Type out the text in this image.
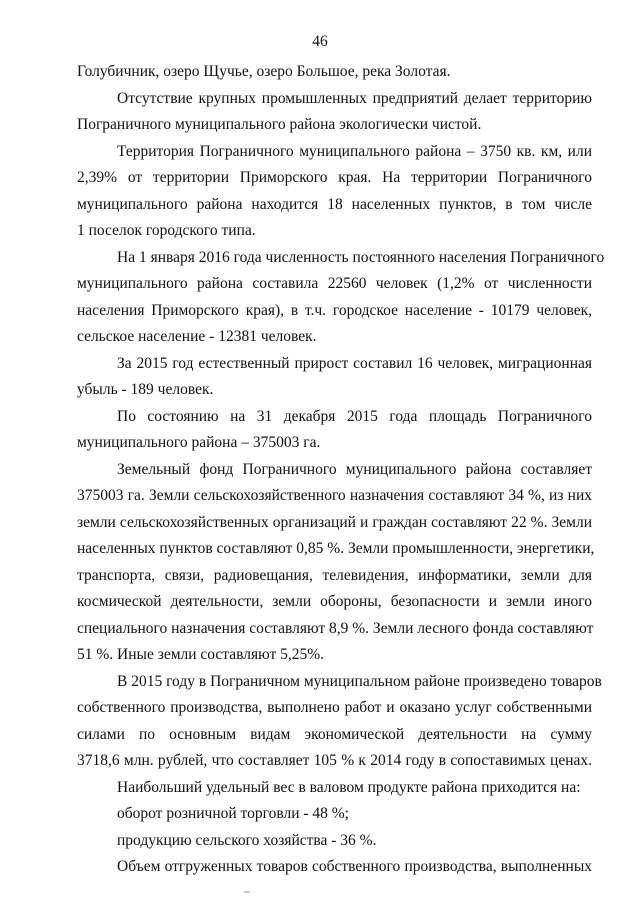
46
Голубичник, озеро Щучье, озеро Большое, река Золотая.
Отсутствие крупных промышленных предприятий делает территорию
Пограничного муниципального района экологически чистой.
Территория Пограничного муниципального района – 3750 кв. км, или
2,39% от территории Приморского края. На территории Пограничного
муниципального района находится 18 населенных пунктов, в том числе
1 поселок городского типа.
На 1 января 2016 года численность постоянного населения Пограничного
муниципального района составила 22560 человек (1,2% от численности
населения Приморского края), в т.ч. городское население - 10179 человек,
сельское население - 12381 человек.
За 2015 год естественный прирост составил 16 человек, миграционная
убыль - 189 человек.
По состоянию на 31 декабря 2015 года площадь Пограничного
муниципального района – 375003 га.
Земельный фонд Пограничного муниципального района составляет
375003 га. Земли сельскохозяйственного назначения составляют 34 %, из них
земли сельскохозяйственных организаций и граждан составляют 22 %. Земли
населенных пунктов составляют 0,85 %. Земли промышленности, энергетики,
транспорта, связи, радиовещания, телевидения, информатики, земли для
космической деятельности, земли обороны, безопасности и земли иного
специального назначения составляют 8,9 %. Земли лесного фонда составляют
51 %. Иные земли составляют 5,25%.
В 2015 году в Пограничном муниципальном районе произведено товаров
собственного производства, выполнено работ и оказано услуг собственными
силами по основным видам экономической деятельности на сумму
3718,6 млн. рублей, что составляет 105 % к 2014 году в сопоставимых ценах.
Наибольший удельный вес в валовом продукте района приходится на:
оборот розничной торговли - 48 %;
продукцию сельского хозяйства - 36 %.
Объем отгруженных товаров собственного производства, выполненных
